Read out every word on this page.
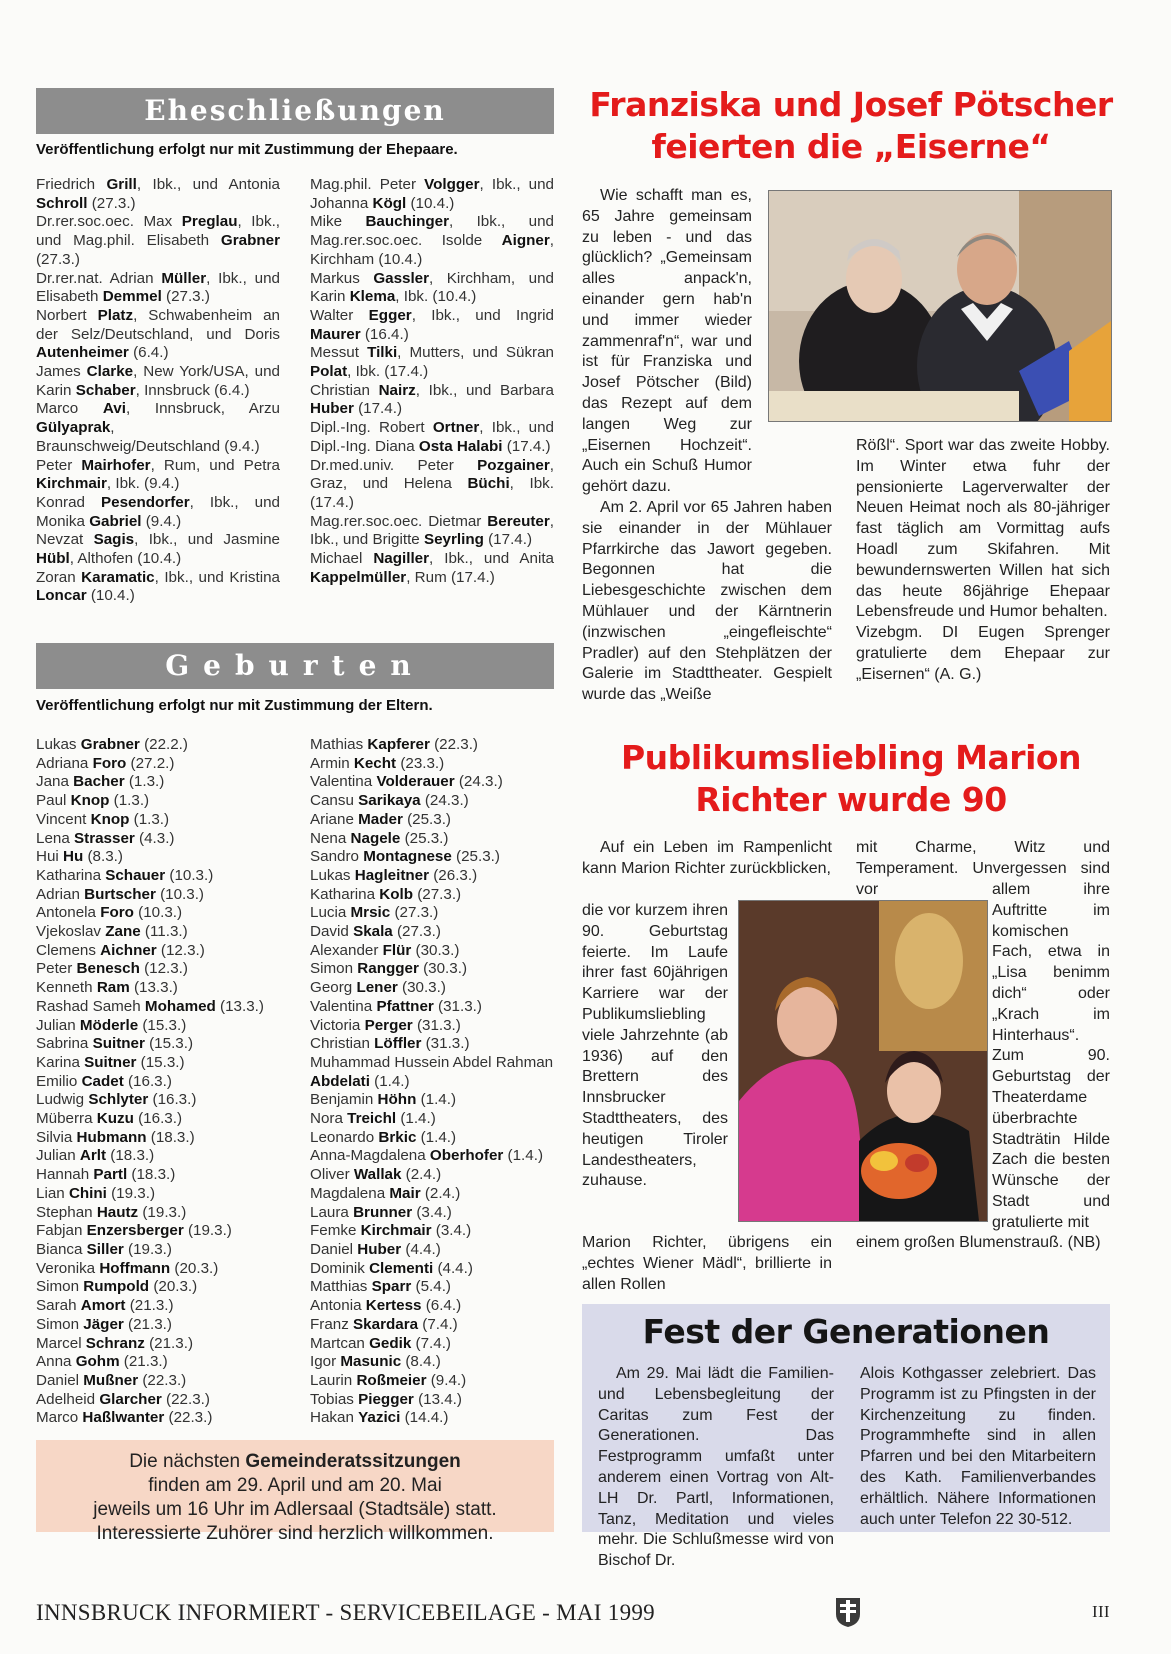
Eheschließungen
Veröffentlichung erfolgt nur mit Zustimmung der Ehepaare.
Friedrich Grill, Ibk., und Antonia Schroll (27.3.)
Dr.rer.soc.oec. Max Preglau, Ibk., und Mag.phil. Elisabeth Grabner (27.3.)
Dr.rer.nat. Adrian Müller, Ibk., und Elisabeth Demmel (27.3.)
Norbert Platz, Schwabenheim an der Selz/Deutschland, und Doris Autenheimer (6.4.)
James Clarke, New York/USA, und Karin Schaber, Innsbruck (6.4.)
Marco Avi, Innsbruck, Arzu Gülyaprak, Braunschweig/Deutschland (9.4.)
Peter Mairhofer, Rum, und Petra Kirchmair, Ibk. (9.4.)
Konrad Pesendorfer, Ibk., und Monika Gabriel (9.4.)
Nevzat Sagis, Ibk., und Jasmine Hübl, Althofen (10.4.)
Zoran Karamatic, Ibk., und Kristina Loncar (10.4.)
Mag.phil. Peter Volgger, Ibk., und Johanna Kögl (10.4.)
Mike Bauchinger, Ibk., und Mag.rer.soc.oec. Isolde Aigner, Kirchham (10.4.)
Markus Gassler, Kirchham, und Karin Klema, Ibk. (10.4.)
Walter Egger, Ibk., und Ingrid Maurer (16.4.)
Messut Tilki, Mutters, und Sükran Polat, Ibk. (17.4.)
Christian Nairz, Ibk., und Barbara Huber (17.4.)
Dipl.-Ing. Robert Ortner, Ibk., und Dipl.-Ing. Diana Osta Halabi (17.4.)
Dr.med.univ. Peter Pozgainer, Graz, und Helena Büchi, Ibk. (17.4.)
Mag.rer.soc.oec. Dietmar Bereuter, Ibk., und Brigitte Seyrling (17.4.)
Michael Nagiller, Ibk., und Anita Kappelmüller, Rum (17.4.)
Geburten
Veröffentlichung erfolgt nur mit Zustimmung der Eltern.
Lukas Grabner (22.2.)
Adriana Foro (27.2.)
Jana Bacher (1.3.)
Paul Knop (1.3.)
Vincent Knop (1.3.)
Lena Strasser (4.3.)
Hui Hu (8.3.)
Katharina Schauer (10.3.)
Adrian Burtscher (10.3.)
Antonela Foro (10.3.)
Vjekoslav Zane (11.3.)
Clemens Aichner (12.3.)
Peter Benesch (12.3.)
Kenneth Ram (13.3.)
Rashad Sameh Mohamed (13.3.)
Julian Möderle (15.3.)
Sabrina Suitner (15.3.)
Karina Suitner (15.3.)
Emilio Cadet (16.3.)
Ludwig Schlyter (16.3.)
Müberra Kuzu (16.3.)
Silvia Hubmann (18.3.)
Julian Arlt (18.3.)
Hannah Partl (18.3.)
Lian Chini (19.3.)
Stephan Hautz (19.3.)
Fabjan Enzersberger (19.3.)
Bianca Siller (19.3.)
Veronika Hoffmann (20.3.)
Simon Rumpold (20.3.)
Sarah Amort (21.3.)
Simon Jäger (21.3.)
Marcel Schranz (21.3.)
Anna Gohm (21.3.)
Daniel Mußner (22.3.)
Adelheid Glarcher (22.3.)
Marco Haßlwanter (22.3.)
Mathias Kapferer (22.3.)
Armin Kecht (23.3.)
Valentina Volderauer (24.3.)
Cansu Sarikaya (24.3.)
Ariane Mader (25.3.)
Nena Nagele (25.3.)
Sandro Montagnese (25.3.)
Lukas Hagleitner (26.3.)
Katharina Kolb (27.3.)
Lucia Mrsic (27.3.)
David Skala (27.3.)
Alexander Flür (30.3.)
Simon Rangger (30.3.)
Georg Lener (30.3.)
Valentina Pfattner (31.3.)
Victoria Perger (31.3.)
Christian Löffler (31.3.)
Muhammad Hussein Abdel Rahman Abdelati (1.4.)
Benjamin Höhn (1.4.)
Nora Treichl (1.4.)
Leonardo Brkic (1.4.)
Anna-Magdalena Oberhofer (1.4.)
Oliver Wallak (2.4.)
Magdalena Mair (2.4.)
Laura Brunner (3.4.)
Femke Kirchmair (3.4.)
Daniel Huber (4.4.)
Dominik Clementi (4.4.)
Matthias Sparr (5.4.)
Antonia Kertess (6.4.)
Franz Skardara (7.4.)
Martcan Gedik (7.4.)
Igor Masunic (8.4.)
Laurin Roßmeier (9.4.)
Tobias Piegger (13.4.)
Hakan Yazici (14.4.)
Die nächsten Gemeinderatssitzungen
finden am 29. April und am 20. Mai
jeweils um 16 Uhr im Adlersaal (Stadtsäle) statt.
Interessierte Zuhörer sind herzlich willkommen.
Franziska und Josef Pötscher
feierten die „Eiserne“

Wie schafft man es, 65 Jahre gemeinsam zu leben - und das glücklich? „Gemeinsam alles anpack'n, einander gern hab'n und immer wieder zammenraf'n“, war und ist für Franziska und Josef Pötscher (Bild) das Rezept auf dem langen Weg zur „Eisernen Hochzeit“. Auch ein Schuß Humor gehört dazu.

Am 2. April vor 65 Jahren haben sie einander in der Mühlauer Pfarrkirche das Jawort gegeben. Begonnen hat die Liebesgeschichte zwischen dem Mühlauer und der Kärntnerin (inzwischen „eingefleischte“ Pradler) auf den Stehplätzen der Galerie im Stadttheater. Gespielt wurde das „Weiße

Rößl“. Sport war das zweite Hobby. Im Winter etwa fuhr der pensionierte Lagerverwalter der Neuen Heimat noch als 80-jähriger fast täglich am Vormittag aufs Hoadl zum Skifahren. Mit bewundernswerten Willen hat sich das heute 86jährige Ehepaar Lebensfreude und Humor behalten.

Vizebgm. DI Eugen Sprenger gratulierte dem Ehepaar zur „Eisernen“ (A. G.)

Publikumsliebling Marion
Richter wurde 90

Auf ein Leben im Rampenlicht kann Marion Richter zurückblicken,

die vor kurzem ihren 90. Geburtstag feierte. Im Laufe ihrer fast 60jährigen Karriere war der Publikumsliebling viele Jahrzehnte (ab 1936) auf den Brettern des Innsbrucker Stadttheaters, des heutigen Tiroler Landestheaters, zuhause.

Marion Richter, übrigens ein „echtes Wiener Mädl“, brillierte in allen Rollen

mit Charme, Witz und Temperament. Unvergessen sind vor	allem ihre Auftritte im komischen Fach, etwa in „Lisa benimm dich“ oder „Krach im Hinterhaus“. Zum 90. Geburtstag der Theaterdame überbrachte Stadträtin Hilde Zach die besten Wünsche der Stadt und gratulierte mit

einem großen Blumenstrauß. (NB)

Fest der Generationen

Am 29. Mai lädt die Familien- und Lebensbegleitung der Caritas zum Fest der Generationen. Das Festprogramm umfaßt unter anderem einen Vortrag von Alt-LH Dr. Partl, Informationen, Tanz, Meditation und vieles mehr. Die Schlußmesse wird von Bischof Dr.

Alois Kothgasser zelebriert. Das Programm ist zu Pfingsten in der Kirchenzeitung zu finden. Programmhefte sind in allen Pfarren und bei den Mitarbeitern des Kath. Familienverbandes erhältlich. Nähere Informationen auch unter Telefon 22 30-512.

INNSBRUCK INFORMIERT - SERVICEBEILAGE - MAI 1999	III
